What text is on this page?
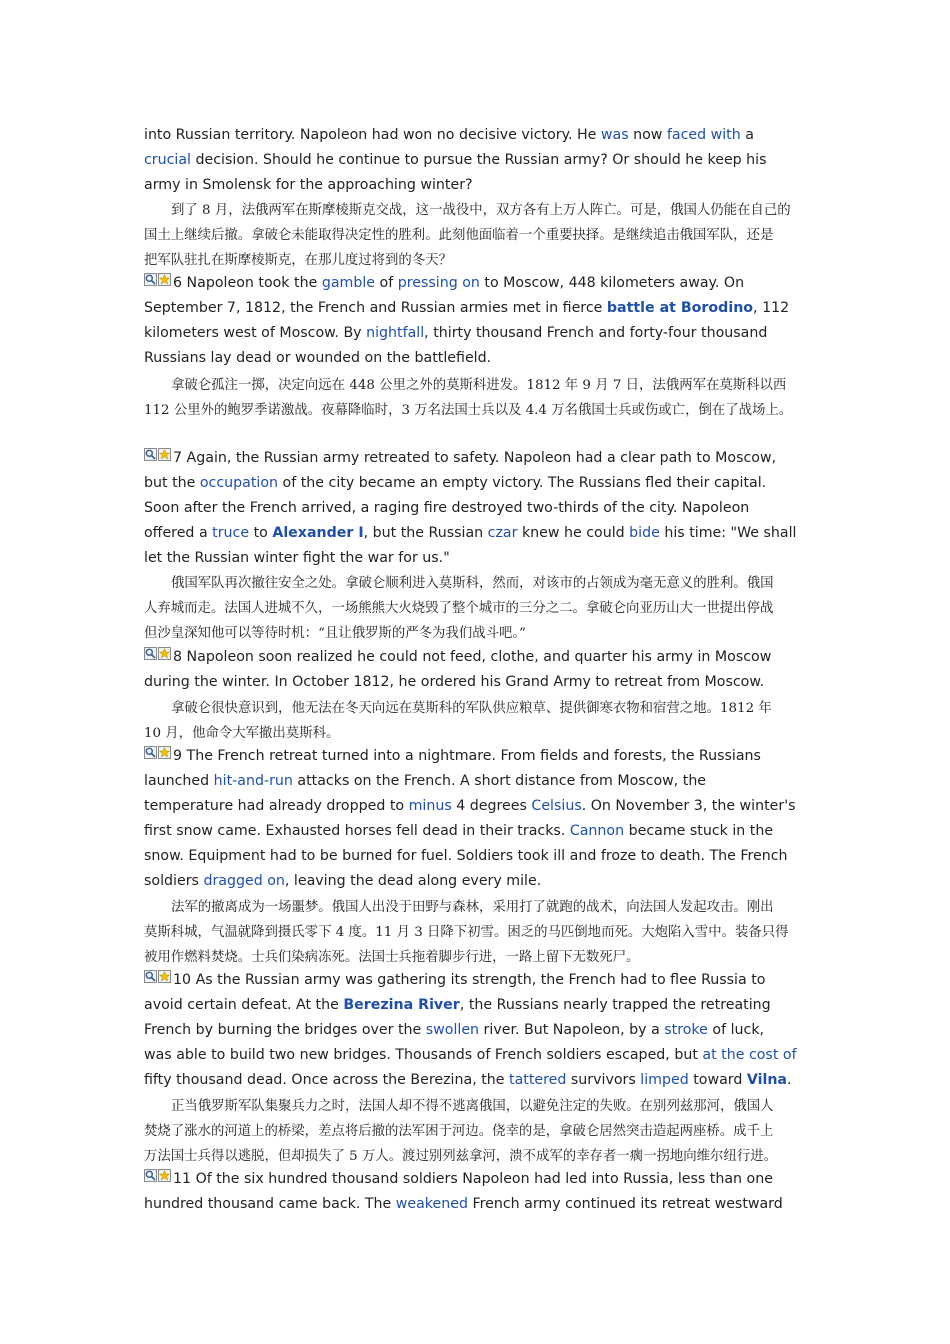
into Russian territory. Napoleon had won no decisive victory. He was now faced with a
crucial decision. Should he continue to pursue the Russian army? Or should he keep his
army in Smolensk for the approaching winter?
到了 8 月，法俄两军在斯摩棱斯克交战，这一战役中，双方各有上万人阵亡。可是，俄国人仍能在自己的
国土上继续后撤。拿破仑未能取得决定性的胜利。此刻他面临着一个重要抉择。是继续追击俄国军队，还是
把军队驻扎在斯摩棱斯克，在那儿度过将到的冬天？
6 Napoleon took the gamble of pressing on to Moscow, 448 kilometers away. On
September 7, 1812, the French and Russian armies met in fierce battle at Borodino, 112
kilometers west of Moscow. By nightfall, thirty thousand French and forty-four thousand
Russians lay dead or wounded on the battlefield.
拿破仑孤注一掷，决定向远在 448 公里之外的莫斯科进发。1812 年 9 月 7 日，法俄两军在莫斯科以西
112 公里外的鲍罗季诺激战。夜幕降临时，3 万名法国士兵以及 4.4 万名俄国士兵或伤或亡，倒在了战场上。
7 Again, the Russian army retreated to safety. Napoleon had a clear path to Moscow,
but the occupation of the city became an empty victory. The Russians fled their capital.
Soon after the French arrived, a raging fire destroyed two-thirds of the city. Napoleon
offered a truce to Alexander I, but the Russian czar knew he could bide his time: "We shall
let the Russian winter fight the war for us."
俄国军队再次撤往安全之处。拿破仑顺利进入莫斯科，然而，对该市的占领成为毫无意义的胜利。俄国
人弃城而走。法国人进城不久，一场熊熊大火烧毁了整个城市的三分之二。拿破仑向亚历山大一世提出停战
但沙皇深知他可以等待时机：“且让俄罗斯的严冬为我们战斗吧。”
8 Napoleon soon realized he could not feed, clothe, and quarter his army in Moscow
during the winter. In October 1812, he ordered his Grand Army to retreat from Moscow.
拿破仑很快意识到，他无法在冬天向远在莫斯科的军队供应粮草、提供御寒衣物和宿营之地。1812 年
10 月，他命令大军撤出莫斯科。
9 The French retreat turned into a nightmare. From fields and forests, the Russians
launched hit-and-run attacks on the French. A short distance from Moscow, the
temperature had already dropped to minus 4 degrees Celsius. On November 3, the winter's
first snow came. Exhausted horses fell dead in their tracks. Cannon became stuck in the
snow. Equipment had to be burned for fuel. Soldiers took ill and froze to death. The French
soldiers dragged on, leaving the dead along every mile.
法军的撤离成为一场噩梦。俄国人出没于田野与森林，采用打了就跑的战术，向法国人发起攻击。刚出
莫斯科城，气温就降到摄氏零下 4 度。11 月 3 日降下初雪。困乏的马匹倒地而死。大炮陷入雪中。装备只得
被用作燃料焚烧。士兵们染病冻死。法国士兵拖着脚步行进，一路上留下无数死尸。
10 As the Russian army was gathering its strength, the French had to flee Russia to
avoid certain defeat. At the Berezina River, the Russians nearly trapped the retreating
French by burning the bridges over the swollen river. But Napoleon, by a stroke of luck,
was able to build two new bridges. Thousands of French soldiers escaped, but at the cost of
fifty thousand dead. Once across the Berezina, the tattered survivors limped toward Vilna.
正当俄罗斯军队集聚兵力之时，法国人却不得不逃离俄国，以避免注定的失败。在别列兹那河，俄国人
焚烧了涨水的河道上的桥梁，差点将后撤的法军困于河边。侥幸的是，拿破仑居然突击造起两座桥。成千上
万法国士兵得以逃脱，但却损失了 5 万人。渡过别列兹拿河，溃不成军的幸存者一瘸一拐地向维尔纽行进。
11 Of the six hundred thousand soldiers Napoleon had led into Russia, less than one
hundred thousand came back. The weakened French army continued its retreat westward
